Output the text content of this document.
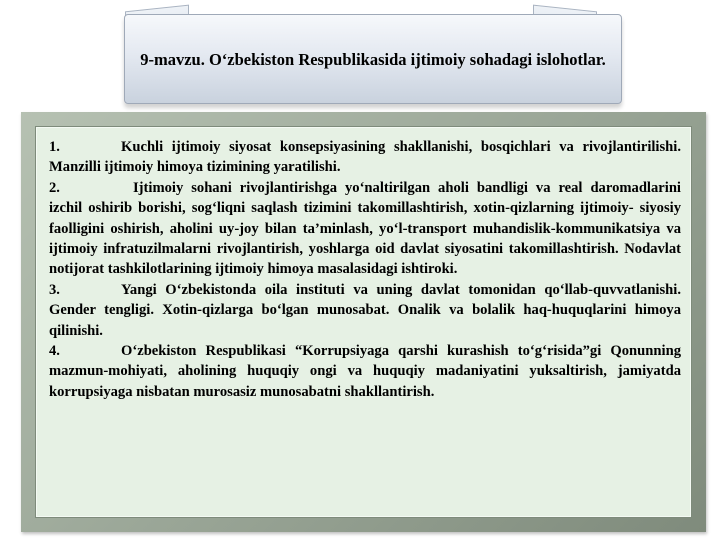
9-mavzu. O‘zbekiston Respublikasida ijtimoiy sohadagi islohotlar.

1.	Kuchli ijtimoiy siyosat konsepsiyasining shakllanishi, bosqichlari va rivojlantirilishi. Manzilli ijtimoiy himoya tizimining yaratilishi.

2.	Ijtimoiy sohani rivojlantirishga yo‘naltirilgan aholi bandligi va real daromadlarini izchil oshirib borishi, sog‘liqni saqlash tizimini takomillashtirish, xotin-qizlarning ijtimoiy- siyosiy faolligini oshirish, aholini uy-joy bilan ta’minlash, yo‘l-transport muhandislik-kommunikatsiya va ijtimoiy infratuzilmalarni rivojlantirish, yoshlarga oid davlat siyosatini takomillashtirish. Nodavlat notijorat tashkilotlarining ijtimoiy himoya masalasidagi ishtiroki.

3.	Yangi O‘zbekistonda oila instituti va uning davlat tomonidan qo‘llab-quvvatlanishi. Gender tengligi. Xotin-qizlarga bo‘lgan munosabat. Onalik va bolalik haq-huquqlarini himoya qilinishi.

4.	O‘zbekiston Respublikasi “Korrupsiyaga qarshi kurashish to‘g‘risida”gi Qonunning mazmun-mohiyati, aholining huquqiy ongi va huquqiy madaniyatini yuksaltirish, jamiyatda korrupsiyaga nisbatan murosasiz munosabatni shakllantirish.
